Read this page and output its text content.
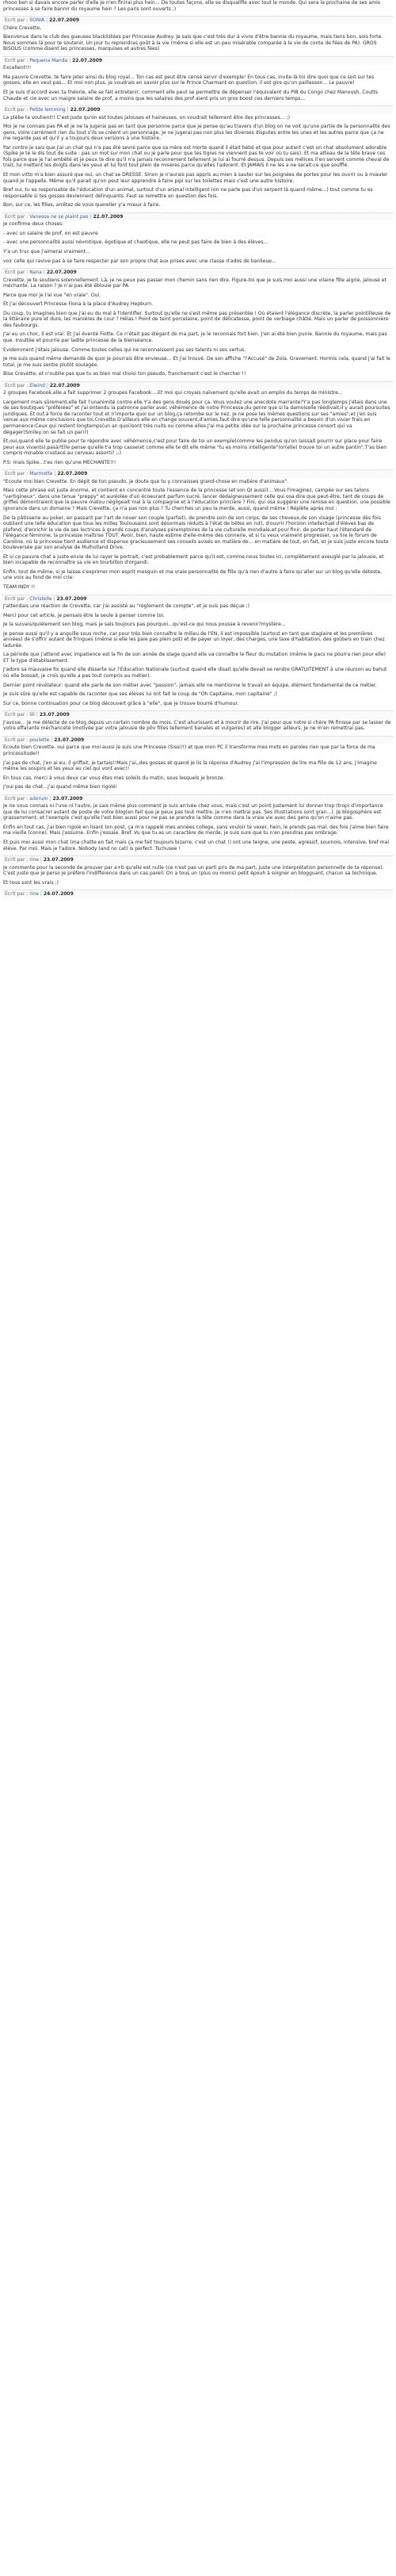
rhooo ben si davais encore parler d'elle je n'en finirai plus hein... De toutes façons, elle se disqualifie avec tout le monde. Qui sera la prochaine de ses amis princesses à se faire bannir du royaume hein ? Les paris sont ouverts ;)

Ecrit par : SONIA | 22.07.2009

Chère Crevette,

Bienvenue dans le club des gueuses blacklistées par Princesse Audrey. Je sais que c'est très dur à vivre d'être bannie du royaume, mais tiens bon, sois forte. Nous sommes là pour te soutenir. Un jour tu reprendras goût à la vie (même si elle est un peu misérable comparée à la vie de conte de fées de PA). GROS BISOUS (comme disent les princesses, marquises et autres fées)

Ecrit par : Pequena Manda | 22.07.2009

Excellent!!!

Ma pauvre Crevette, te faire jeter ainsi du blog royal... Ton cas est peut être censé servir d'exemple! En tous cas, invite-là toi dire quoi que ce soit sur tes gosses, elle en veut pas... Et moi non plus, je voudrais en savoir plus sur le Prince Charmant en question, il est gire qu'un paillasson... Le pauvre!

Et je suis d'accord avec ta théorie, elle se fait entretenir, comment elle peut se permettre de dépenser l'équivalent du PIB du Congo chez Manoush, Coutts Chaude et cie avec un maigre salaire de prof, a moins que les salaires des prof aient pris un gros boost ces derniers temps...

Ecrit par : Petite lemming | 22.07.2009

La plèbe te soutient!! C'est juste qu'on est toutes jalouses et haineuses, on voudrait tellement être des princesses... ;)

Moi je ne connais pas PA et je ne la jugerai pas en tant que personne parce que je pense qu'au travers d'un blog on ne voit qu'une partie de la personnalité des gens, voire carrément rien du tout s'ils se créent un personnage. Je ne jugerai pas non plus les diverses disputes entre les unes et les autres parce que ça ne me regarde pas et qu'il y a toujours deux versions à une histoire.

Par contre je sais que j'ai un chat qui n'a pas été sevré parce que sa mère est morte quand il était bébé et que pour autant c'est un chat absolument adorable (Spike je te le dis tout de suite : pas un mot sur mon chat ou je parle pour que tes tigres ne viennent pas te voir où tu sais). Et ma atteau de la tête brave ces fols parce que je l'ai embêté et je peux te dire qu'il n'a jamais reconnement tellement je lui ai fourré dessus. Depuis ses mélices il'en servent comme cheval de trait, lui mettent les doigts dans les yeux et lui font tout plein de misères parce qu'elles l'adorent. Et JAMAIS il ne les a ne serait-ce que soufflé.

Et mon vitto m'a bien assuré que oui, un chat se DRESSE. Sinon je n'aurais pas appris au mien à sauter sur les poignées de portes pour les ouvrir ou à miauler quand je l'appelle. Même qu'il parait qu'on peut leur apprendre à faire pipi sur les toilettes mais c'est une autre histoire.

Bref oui, tu es responsable de l'éducation d'un animal, surtout d'un animal intelligent (on ne parle pas d'un serpent là quand même...) tout comme tu es responsable si tes gosses deviennent délinquants. Faut se remettre en question des fois.

Bon, sur ce, les filles, arrêtez de vous quereller y'a mieux à faire.

Ecrit par : Vanessa ne se plaint pas | 22.07.2009

Je confirme deux choses:

- avec un salaire de prof, on est pauvre

- avec une personnalité aussi névrotique, égotique et chaotique, elle ne peut pas faire de bien à des élèves...

Y'a un truc que j'aimerai vraiment...

voir celle qui ravive pas à se faire respecter par son propre chat aux prises avec une classe d'ados de banlieue...

Ecrit par : Nana | 22.07.2009

Crevette, je te soutiens solennellement. Là, je ne peux pas passer mon chemin sans rien dire. Figure-toi que je suis moi aussi une vilaine fille aigrie, jalouse et méchante. La raison ? Je n'ai pas été éblouie par PA.

Parce que moi je l'ai vue "en vraie". Oui.

Et j'ai découvert Princesse Fiona à la place d'Audrey Hepburn.

Du coup, tu imagines bien que j'ai eu du mal à l'identifier. Surtout qu'elle ne s'est même pas présentée ! Où étaient l'élégance discrète, la parler pointilleuse de la littéraire pure et dure, les manières de cour ? Hélas ! Point de teint porcelaine, point de délicatesse, point de verbiage châtié. Mais un parler de poissonnière des faubourgs.

J'ai eu un choc, il est vrai. Et j'ai éventé Fiotte. Ce n'était pas élégant de ma part, je le reconnais fort bien. J'en ai été bien punie. Bannie du royaume, mais pas que. Insultée et pourrie par ladite princesse de la bienséance.

Evidemment j'étais jalouse. Comme toutes celles qui ne reconnaissent pas ses talents ni ses vertus.

Je me suis quand même demandé de quoi je pourrais être envieuse... Et j'ai trouvé. De son affiche "l'Accusé" de Zola. Gravement. Hormis cela, quand j'ai fait le total, je me suis sentie plutôt soulagée.

Bise Crevette, et n'oublie pas que tu as bien mal choisi ton pseudo, franchement c'est le chercher !!

Ecrit par : Elwind | 22.07.2009

2 groupes Facebook,elle a fait supprimer 2 groupes Facebook....Et moi qui croyais naïvement qu'elle avait un emploi du temps de ministre...

Largement mais sûrement,elle fait l'unanimité contre elle.Y'a des gens doués pour ça. Vous voulez une anecdote marrante?Y'a pas longtemps j'étais dans une de ses boutiques "préférées" et j'ai entendu la patronne parler avec véhémence de notre Princesse,du genre que si la damoiselle réédivait,il y aurait poursuites juridiques. Et ouf,à force de raconter tout et n'importe quoi sur un blog,ça retombe sur le nez. Je ne pose les mêmes questions sur ses "amies",et j'en suis venue aux même conclusions que toi,Crevette.D'ailleurs elle en change souvent,d'amies,faut dire qu'une telle personnalité a besoin d'un vivier frais en permanence:Ceux qui restent longtemps(un an quoi)sont très nuits ou comme elles.J'ai ma petite idée sur la prochaine princesse consort qui va dégager(Smiley;on se fait un pari?)

Et,oui,quand elle te publie pour te répondre avec véhémence,c'est pour faire de toi un exemple(comme les pendus qu'on laissait pourrir sur place pour faire peur aux vivants),pasà?Elle pense qu'elle t'a trop casse(et comme elle te dit elle même "tu es moins intelligente")or(elle) trouve toi un autre pantin".T'as bien compris minable crustacé au cerveau assorti? ;-)

P.S: mais Spike...t'es rien qu'une MECHANTE!!!

Ecrit par : Marmotte | 22.07.2009

"Ecoute moi bien Crevette. En dépit de ton pseudo, je doute que tu y connaisses grand-chose en matière d'animaux".

Mais cette phrase est juste énorme, et contient en concentré toute l'essence de la princesse (et son QI aussi)... Vous l'imaginez, campée sur ses talons "vertigineux", dans une tenue "preppy" et auréolée d'un écoeurant parfum sucré, lancer dédaigneusement celle qui osa dire que peut-être, tant de coups de griffes démontraient que la pauvre matou négligeait mal à la compagnie et à l'éducation princière ? Fini, qui osa suggérer une remise en question, une possible ignorance dans un domaine ? Mais Crevette, ça n'a pas non plus ? Tu cherches un peu la merde, aussi, quand même ! Réplète après moi :

De la pâtisserie au poker, en passant par l'art de nouer son couple (parfait), de prendre soin de son corps, de ses cheveux,de son visage (princesse dès fois oubliant une telle éducation que tous les milles Toulousains sont désormais réduits à l'état de bêtes en rut), d'ouvrir l'horizon intellectuel d'élèves bas de plafond, d'enrichir la vie de ses lectrices à grands coups d'analyses péremptoires de la vie culturelle mondiale,et pour finir, de porter haut l'étendard de l'élégance féminine, la princesse maîtrise TOUT. Avoir, bien, haute estime d'elle-même des connerie, et si tu veux vraiment progresser, va lire le forum de Caroline, où la princesse tient audience et dispense gracieusement ses conseils avisés en matière de... en matière de tout, en fait, et je suis juste encore toute bouleversée par son analyse de Mulholland Drive.

Et si ce pauvre chat a juste envie de lui rayer le portrait, c'est probablement parce qu'il est, comme nous toutes ici, complètement aveuglé par la jalousie, et bien incapable de reconnaître sa vie en tourbillon d'organdi.

Enfin, tout de même, si je laisse s'exprimer mon esprit mesquin et ma vraie personnalité de fille qu'à rien d'autre à faire qu'aller sur un blog qu'elle déteste, une voix au fond de moi crie:

TEAM INDY !!

Ecrit par : Christelle | 23.07.2009

J'attendais une réaction de Crevette, car j'ai assisté au "règlement de compte", et je suis pas déçue ;)

Merci pour cet article, je pensais être la seule à penser comme toi.

Je la suivais/quièlement son blog, mais je sais toujours pas pourquoi...qu'est-ce qui nous pousse à revenir?mystère...

Je pense aussi qu'il y a anguille sous roche, car pour très bien connaître le milieu de l'EN, il est impossible (surtout en tant que stagiaire et les premières années) de s'offrir autant de fringues (même si elle les paie pas plein pot) et de payer un loyer, des charges, une taxe d'habitation, des goûters en train chez ladurée.

La période que j'attend avec impatience est la fin de son année de stage quand elle va connaître le fleur du mutation (même le pacs ne pourra rien pour elle) ET le type d'établissement.

J'adore sa mauvaise foi quand elle disserte sur l'Education Nationale (surtout quand elle disait qu'elle devait se rendre GRATUITEMENT à une réunion au bahut où elle bossait, je crois qu'elle a pas tout compris au métier).

Dernier point révélateur: quand elle parle de son métier avec "passion", jamais elle ne mentionne le travail en équipe, élément fondamental de ce métier.

Je suis sûre qu'elle est capable de raconter que ses élèves lui ont fait le coup de "Oh Capitaine, mon capitaine" ;)

Sur ce, bonne continuation pour ce blog découvert grâce à "elle", que je trouve bourré d'humour.

Ecrit par : lili | 23.07.2009

J'avoue... je me délecte de ce blog depuis un certain nombre de mois. C'est ahurissant et à mourir de rire. J'ai peur que notre si chère PA finisse par se lasser de votre effarante méchanceté (motivée par votre jalousie de pôv filles tellement banales et vulgaires) et alle blogger ailleurs. Je ne m'en remettrai pas.

Ecrit par : poulette | 23.07.2009

Ecoute bien Crevette, oui parce que moi aussi je suis une Princesse (Sissi!!) et que mon PC il transforme mes mots en paroles rien que par la force de ma princessitude!!

J'ai pas de chat, j'en ai eu, il griffait, je tartais!!Mais j'ai,,des gosses et quand je lis la réponse d'Audrey j'ai l'impression de lire ma fille de 12 ans, j'imagine même les soupirs et les yeux au ciel qui vont avec!!

En tous cas, merci à vous deux car vous êtes mes soleils du matin, sous lesquels je bronze.

J'oui pas de chat...j'ai quand même bien rigolé!

Ecrit par : adorum | 23.07.2009

Je ne vous connais ni l'une ni l'autre, je sais même plus comment je suis arrivée chez vous, mais c'est un point justement lui donner trop (trop) d'importance que de lui consacrer autant de poste de votre blog(en fait que je peux pas tout mettre, je n'en mettrai pas. Ses illustrations sont gran...). Je blogosphère est grassemment, et l'exemple c'est qu'elle l'est bien aussi pour ne pas se prendre la tête comme dans la vraie vie avec des gens qu'on n'aime pas.

Enfin en tout cas, j'ai bien rigolé en lisant ton post, ça m'a rappelé mes années college, sans vouloir te vexer, hein, le prends pas mal, des fois j'aime bien faire ma vieille (conne). Mais j'assume. Enfin j'essaie. Bref. Vu que tu as un caractère de merde, je suis sure que tu n'en prendras pas ombrage.

Et puis moi aussi mon chat (ma chatte en fait mais ça me fait toujours bizarre, c'est un chat !) ont une teigne, une peste, agressif, sournois, intensive, bref mal éléve. Par moi. Mais je l'adore. Nobody (and no cat) is perfect. Tschusee !

Ecrit par : rine | 23.07.2009

Je commente pour la seconde de prouver par a+b qu'elle est nulle (ce n'est pas un parti pris de ma part, juste une interprétation personnelle de ta réponse). C'est juste que je perso je préfère l'indifférence dans un cas pareil. On a tous un (plus ou moins) petit épouh à soigner en blogguant, chacun sa technique.

Et tous sont les vrais :)

Ecrit par : rine | 24.07.2009
